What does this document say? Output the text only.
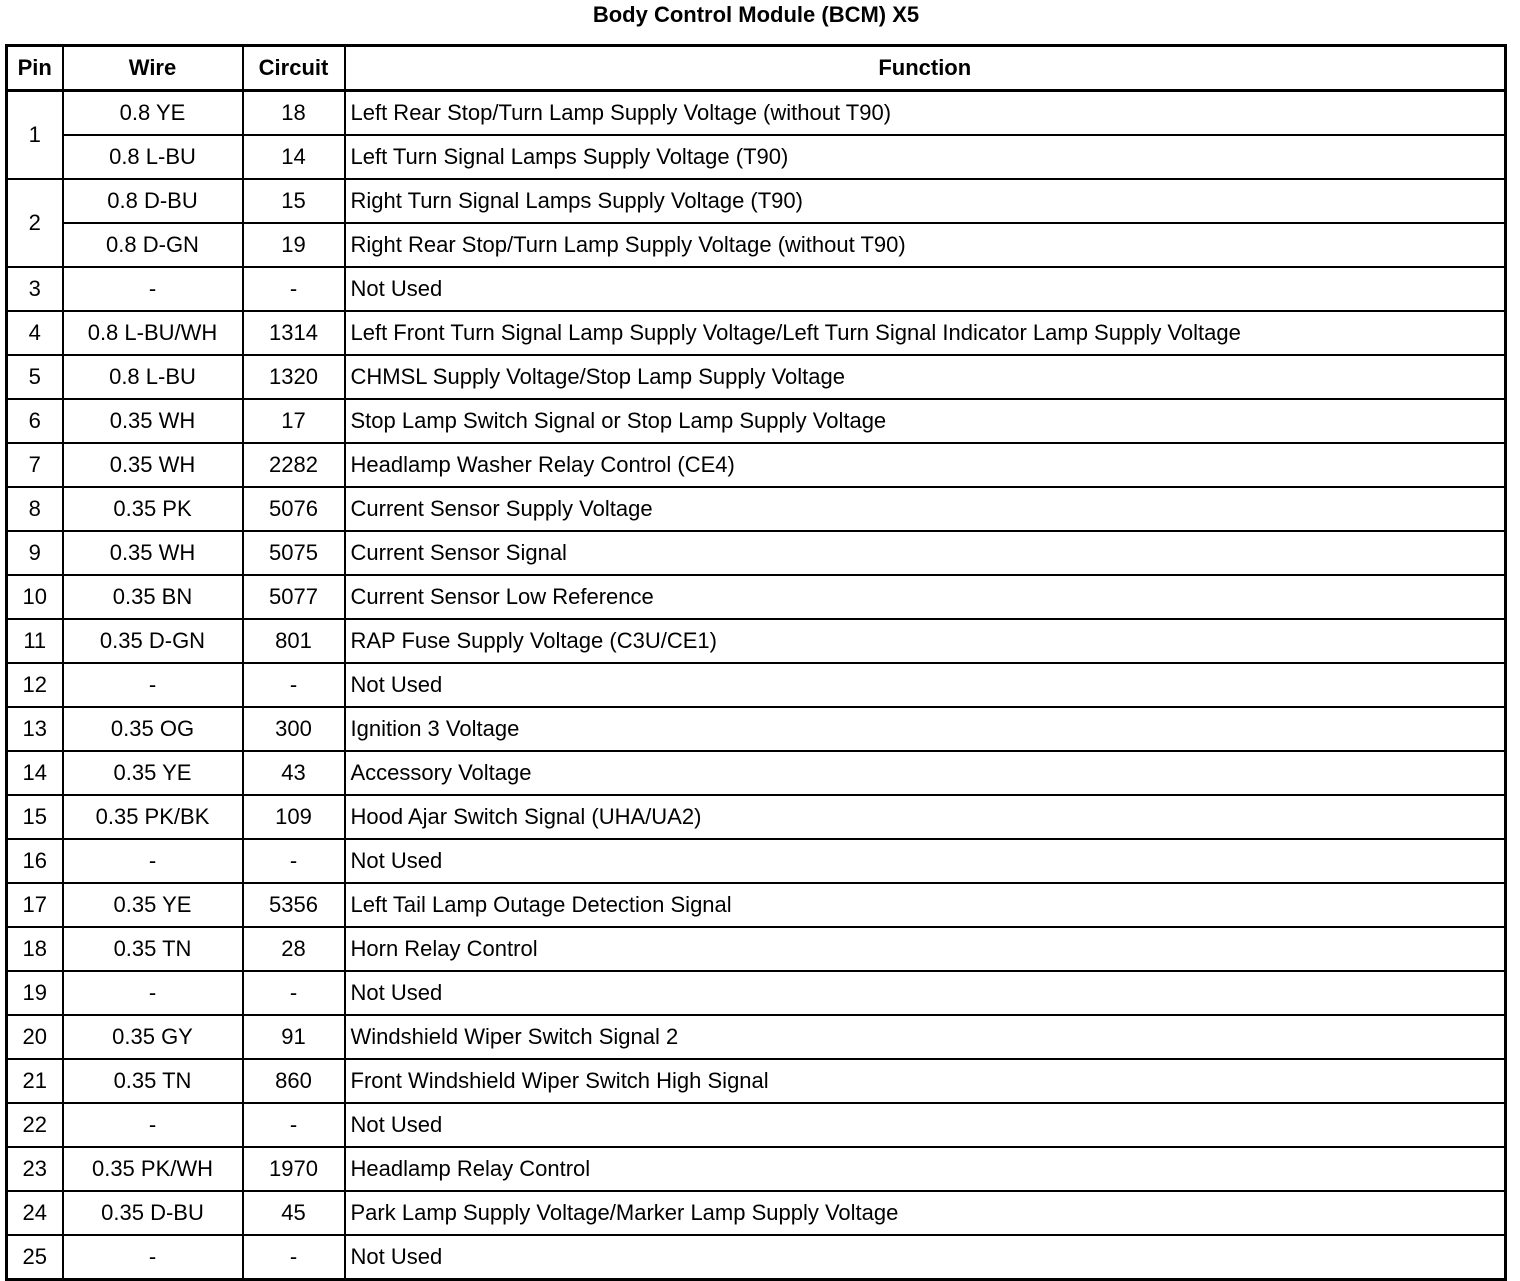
Body Control Module (BCM) X5
Pin	Wire	Circuit	Function
1	0.8 YE	18	Left Rear Stop/Turn Lamp Supply Voltage (without T90)
	0.8 L-BU	14	Left Turn Signal Lamps Supply Voltage (T90)
2	0.8 D-BU	15	Right Turn Signal Lamps Supply Voltage (T90)
	0.8 D-GN	19	Right Rear Stop/Turn Lamp Supply Voltage (without T90)
3	-	-	Not Used
4	0.8 L-BU/WH	1314	Left Front Turn Signal Lamp Supply Voltage/Left Turn Signal Indicator Lamp Supply Voltage
5	0.8 L-BU	1320	CHMSL Supply Voltage/Stop Lamp Supply Voltage
6	0.35 WH	17	Stop Lamp Switch Signal or Stop Lamp Supply Voltage
7	0.35 WH	2282	Headlamp Washer Relay Control (CE4)
8	0.35 PK	5076	Current Sensor Supply Voltage
9	0.35 WH	5075	Current Sensor Signal
10	0.35 BN	5077	Current Sensor Low Reference
11	0.35 D-GN	801	RAP Fuse Supply Voltage (C3U/CE1)
12	-	-	Not Used
13	0.35 OG	300	Ignition 3 Voltage
14	0.35 YE	43	Accessory Voltage
15	0.35 PK/BK	109	Hood Ajar Switch Signal (UHA/UA2)
16	-	-	Not Used
17	0.35 YE	5356	Left Tail Lamp Outage Detection Signal
18	0.35 TN	28	Horn Relay Control
19	-	-	Not Used
20	0.35 GY	91	Windshield Wiper Switch Signal 2
21	0.35 TN	860	Front Windshield Wiper Switch High Signal
22	-	-	Not Used
23	0.35 PK/WH	1970	Headlamp Relay Control
24	0.35 D-BU	45	Park Lamp Supply Voltage/Marker Lamp Supply Voltage
25	-	-	Not Used
